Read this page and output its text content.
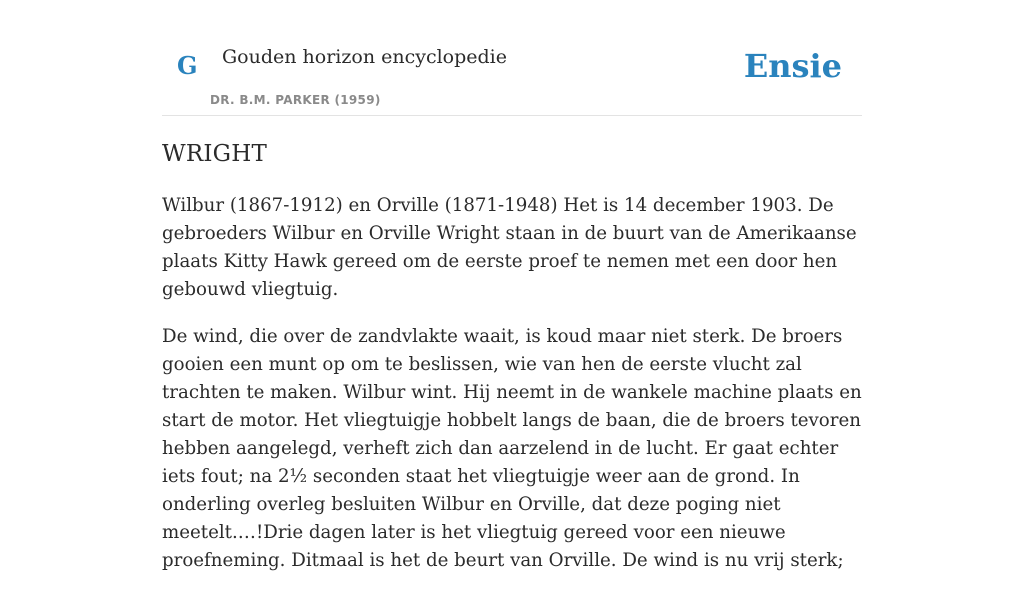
G Gouden horizon encyclopedie
DR. B.M. PARKER (1959)
Ensie
WRIGHT

Wilbur (1867-1912) en Orville (1871-1948) Het is 14 december 1903. De gebroeders Wilbur en Orville Wright staan in de buurt van de Amerikaanse plaats Kitty Hawk gereed om de eerste proef te nemen met een door hen gebouwd vliegtuig.

De wind, die over de zandvlakte waait, is koud maar niet sterk. De broers gooien een munt op om te beslissen, wie van hen de eerste vlucht zal trachten te maken. Wilbur wint. Hij neemt in de wankele machine plaats en start de motor. Het vliegtuigje hobbelt langs de baan, die de broers tevoren hebben aangelegd, verheft zich dan aarzelend in de lucht. Er gaat echter iets fout; na 2½ seconden staat het vliegtuigje weer aan de grond. In onderling overleg besluiten Wilbur en Orville, dat deze poging niet meetelt.…!Drie dagen later is het vliegtuig gereed voor een nieuwe proefneming. Ditmaal is het de beurt van Orville. De wind is nu vrij sterk;
